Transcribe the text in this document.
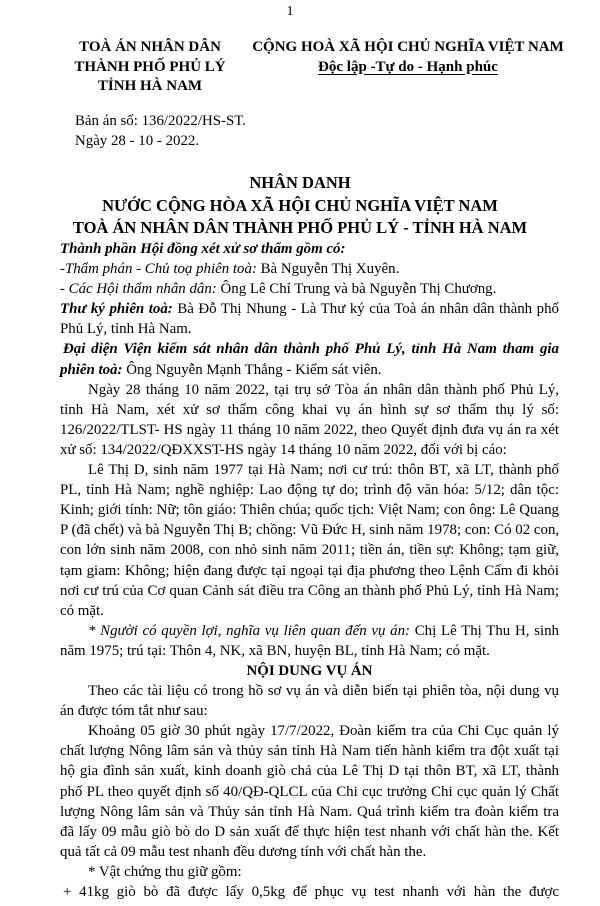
1
TOÀ ÁN NHÂN DÂN
THÀNH PHỐ PHỦ LÝ
TỈNH HÀ NAM
CỘNG HOÀ XÃ HỘI CHỦ NGHĨA VIỆT NAM
Độc lập -Tự do - Hạnh phúc
Bản án số: 136/2022/HS-ST.
Ngày 28 - 10 - 2022.
NHÂN DANH
NƯỚC CỘNG HÒA XÃ HỘI CHỦ NGHĨA VIỆT NAM
TOÀ ÁN NHÂN DÂN THÀNH PHỐ PHỦ LÝ - TỈNH HÀ NAM
Thành phần Hội đồng xét xử sơ thẩm gồm có:
-Thẩm phán - Chủ toạ phiên toà: Bà Nguyễn Thị Xuyên.
- Các Hội thẩm nhân dân: Ông Lê Chí Trung và bà Nguyễn Thị Chương.
Thư ký phiên toà: Bà Đỗ Thị Nhung - Là Thư ký của Toà án nhân dân thành phố
Phủ Lý, tỉnh Hà Nam.
Đại diện Viện kiểm sát nhân dân thành phố Phủ Lý, tỉnh Hà Nam tham gia
phiên toà: Ông Nguyễn Mạnh Thắng - Kiểm sát viên.
Ngày 28 tháng 10 năm 2022, tại trụ sở Tòa án nhân dân thành phố Phủ Lý,
tỉnh Hà Nam, xét xử sơ thẩm công khai vụ án hình sự sơ thẩm thụ lý số:
126/2022/TLST- HS ngày 11 tháng 10 năm 2022, theo Quyết định đưa vụ án ra xét
xử số: 134/2022/QĐXXST-HS ngày 14 tháng 10 năm 2022, đối với bị cáo:
Lê Thị D, sinh năm 1977 tại Hà Nam; nơi cư trú: thôn BT, xã LT, thành phố
PL, tỉnh Hà Nam; nghề nghiệp: Lao động tự do; trình độ văn hóa: 5/12; dân tộc:
Kinh; giới tính: Nữ; tôn giáo: Thiên chúa; quốc tịch: Việt Nam; con ông: Lê Quang
P (đã chết) và bà Nguyễn Thị B; chồng: Vũ Đức H, sinh năm 1978; con: Có 02 con,
con lớn sinh năm 2008, con nhỏ sinh năm 2011; tiền án, tiền sự: Không; tạm giữ,
tạm giam: Không; hiện đang được tại ngoại tại địa phương theo Lệnh Cấm đi khỏi
nơi cư trú của Cơ quan Cảnh sát điều tra Công an thành phố Phủ Lý, tỉnh Hà Nam;
có mặt.
* Người có quyền lợi, nghĩa vụ liên quan đến vụ án: Chị Lê Thị Thu H, sinh
năm 1975; trú tại: Thôn 4, NK, xã BN, huyện BL, tỉnh Hà Nam; có mặt.
NỘI DUNG VỤ ÁN
Theo các tài liệu có trong hồ sơ vụ án và diễn biến tại phiên tòa, nội dung vụ
án được tóm tắt như sau:
Khoảng 05 giờ 30 phút ngày 17/7/2022, Đoàn kiểm tra của Chi Cục quản lý
chất lượng Nông lâm sản và thủy sản tỉnh Hà Nam tiến hành kiểm tra đột xuất tại
hộ gia đình sản xuất, kinh doanh giò chả của Lê Thị D tại thôn BT, xã LT, thành
phố PL theo quyết định số 40/QĐ-QLCL của Chi cục trưởng Chi cục quản lý Chất
lượng Nông lâm sản và Thủy sản tỉnh Hà Nam. Quá trình kiểm tra đoàn kiểm tra
đã lấy 09 mẫu giò bò do D sản xuất để thực hiện test nhanh với chất hàn the. Kết
quả tất cả 09 mẫu test nhanh đều dương tính với chất hàn the.
* Vật chứng thu giữ gồm:
+ 41kg giò bò đã được lấy 0,5kg để phục vụ test nhanh với hàn the được
